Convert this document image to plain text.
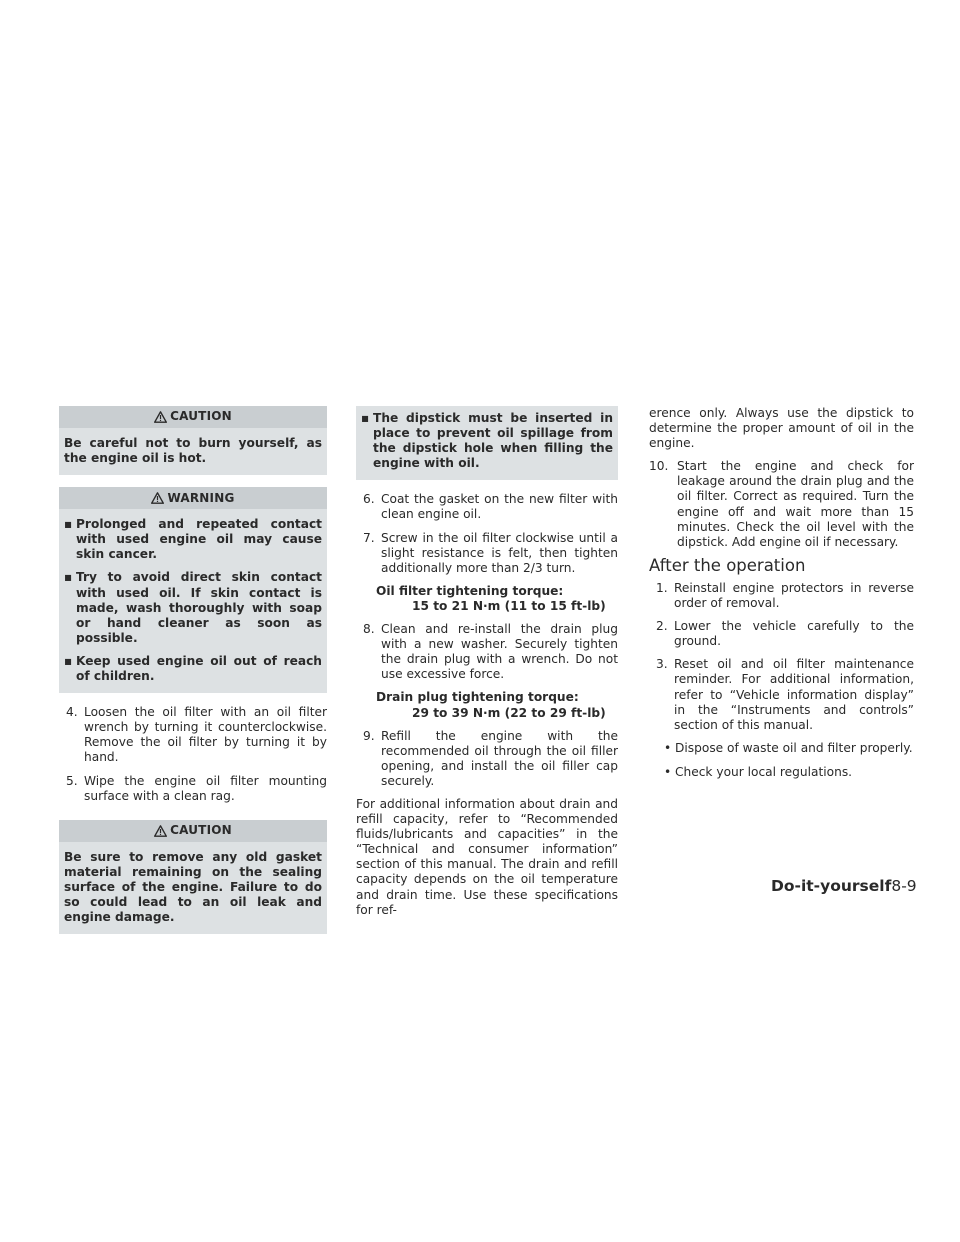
CAUTION

Be careful not to burn yourself, as the engine oil is hot.

WARNING
▪ Prolonged and repeated contact with used engine oil may cause skin cancer.
▪ Try to avoid direct skin contact with used oil. If skin contact is made, wash thoroughly with soap or hand cleaner as soon as possible.
▪ Keep used engine oil out of reach of children.
4. Loosen the oil filter with an oil filter wrench by turning it counterclockwise. Remove the oil filter by turning it by hand.
5. Wipe the engine oil filter mounting surface with a clean rag.
CAUTION

Be sure to remove any old gasket material remaining on the sealing surface of the engine. Failure to do so could lead to an oil leak and engine damage.

▪ The dipstick must be inserted in place to prevent oil spillage from the dipstick hole when filling the engine with oil.
6. Coat the gasket on the new filter with clean engine oil.
7. Screw in the oil filter clockwise until a slight resistance is felt, then tighten additionally more than 2/3 turn.
Oil filter tightening torque:
15 to 21 N·m (11 to 15 ft-lb)
8. Clean and re-install the drain plug with a new washer. Securely tighten the drain plug with a wrench. Do not use excessive force.
Drain plug tightening torque:
29 to 39 N·m (22 to 29 ft-lb)
9. Refill the engine with the recommended oil through the oil filler opening, and install the oil filler cap securely.

For additional information about drain and refill capacity, refer to “Recommended fluids/lubricants and capacities” in the “Technical and consumer information” section of this manual. The drain and refill capacity depends on the oil temperature and drain time. Use these specifications for ref-

erence only. Always use the dipstick to determine the proper amount of oil in the engine.

10. Start the engine and check for leakage around the drain plug and the oil filter. Correct as required. Turn the engine off and wait more than 15 minutes. Check the oil level with the dipstick. Add engine oil if necessary.
After the operation
1. Reinstall engine protectors in reverse order of removal.
2. Lower the vehicle carefully to the ground.
3. Reset oil and oil filter maintenance reminder. For additional information, refer to “Vehicle information display” in the “Instruments and controls” section of this manual.
• Dispose of waste oil and filter properly.
• Check your local regulations.
Do-it-yourself8-9
